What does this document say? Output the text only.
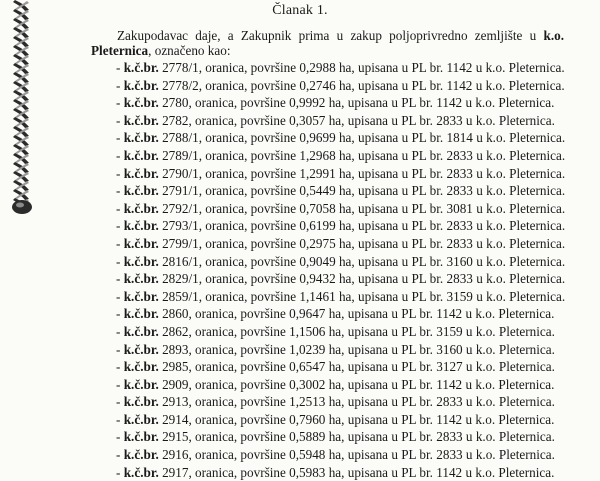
Članak 1.
Zakupodavac daje, a Zakupnik prima u zakup poljoprivredno zemljište u k.o.
Pleternica, označeno kao:
- k.č.br. 2778/1, oranica, površine 0,2988 ha, upisana u PL br. 1142 u k.o. Pleternica.
- k.č.br. 2778/2, oranica, površine 0,2746 ha, upisana u PL br. 1142 u k.o. Pleternica.
- k.č.br. 2780, oranica, površine 0,9992 ha, upisana u PL br. 1142 u k.o. Pleternica.
- k.č.br. 2782, oranica, površine 0,3057 ha, upisana u PL br. 2833 u k.o. Pleternica.
- k.č.br. 2788/1, oranica, površine 0,9699 ha, upisana u PL br. 1814 u k.o. Pleternica.
- k.č.br. 2789/1, oranica, površine 1,2968 ha, upisana u PL br. 2833 u k.o. Pleternica.
- k.č.br. 2790/1, oranica, površine 1,2991 ha, upisana u PL br. 2833 u k.o. Pleternica.
- k.č.br. 2791/1, oranica, površine 0,5449 ha, upisana u PL br. 2833 u k.o. Pleternica.
- k.č.br. 2792/1, oranica, površine 0,7058 ha, upisana u PL br. 3081 u k.o. Pleternica.
- k.č.br. 2793/1, oranica, površine 0,6199 ha, upisana u PL br. 2833 u k.o. Pleternica.
- k.č.br. 2799/1, oranica, površine 0,2975 ha, upisana u PL br. 2833 u k.o. Pleternica.
- k.č.br. 2816/1, oranica, površine 0,9049 ha, upisana u PL br. 3160 u k.o. Pleternica.
- k.č.br. 2829/1, oranica, površine 0,9432 ha, upisana u PL br. 2833 u k.o. Pleternica.
- k.č.br. 2859/1, oranica, površine 1,1461 ha, upisana u PL br. 3159 u k.o. Pleternica.
- k.č.br. 2860, oranica, površine 0,9647 ha, upisana u PL br. 1142 u k.o. Pleternica.
- k.č.br. 2862, oranica, površine 1,1506 ha, upisana u PL br. 3159 u k.o. Pleternica.
- k.č.br. 2893, oranica, površine 1,0239 ha, upisana u PL br. 3160 u k.o. Pleternica.
- k.č.br. 2985, oranica, površine 0,6547 ha, upisana u PL br. 3127 u k.o. Pleternica.
- k.č.br. 2909, oranica, površine 0,3002 ha, upisana u PL br. 1142 u k.o. Pleternica.
- k.č.br. 2913, oranica, površine 1,2513 ha, upisana u PL br. 2833 u k.o. Pleternica.
- k.č.br. 2914, oranica, površine 0,7960 ha, upisana u PL br. 1142 u k.o. Pleternica.
- k.č.br. 2915, oranica, površine 0,5889 ha, upisana u PL br. 2833 u k.o. Pleternica.
- k.č.br. 2916, oranica, površine 0,5948 ha, upisana u PL br. 2833 u k.o. Pleternica.
- k.č.br. 2917, oranica, površine 0,5983 ha, upisana u PL br. 1142 u k.o. Pleternica.
